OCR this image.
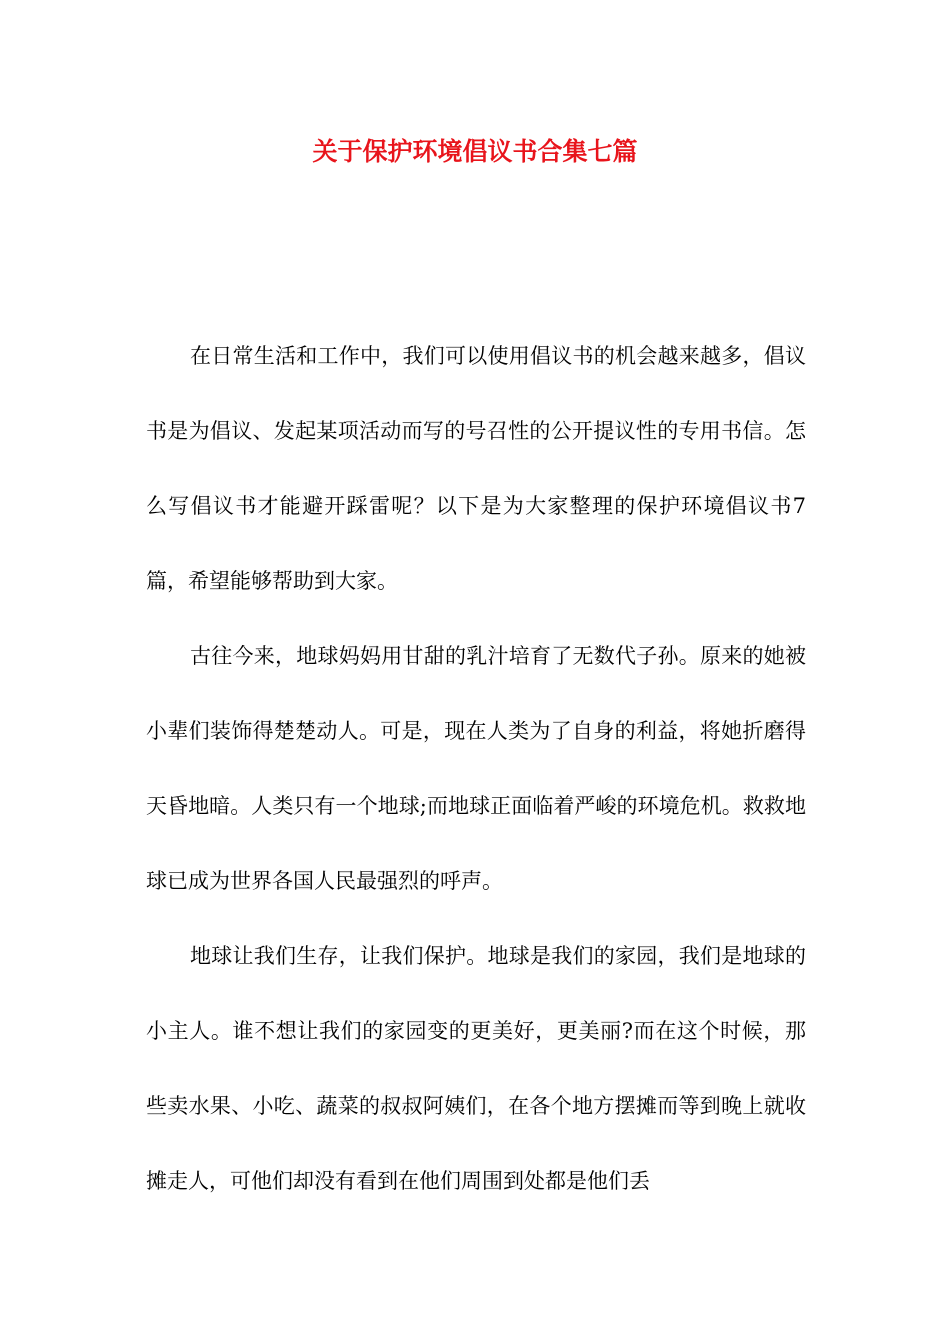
关于保护环境倡议书合集七篇

在日常生活和工作中，我们可以使用倡议书的机会越来越多，倡议书是为倡议、发起某项活动而写的号召性的公开提议性的专用书信。怎么写倡议书才能避开踩雷呢？以下是为大家整理的保护环境倡议书7篇，希望能够帮助到大家。

古往今来，地球妈妈用甘甜的乳汁培育了无数代子孙。原来的她被小辈们装饰得楚楚动人。可是，现在人类为了自身的利益，将她折磨得天昏地暗。人类只有一个地球;而地球正面临着严峻的环境危机。救救地球已成为世界各国人民最强烈的呼声。

地球让我们生存，让我们保护。地球是我们的家园，我们是地球的小主人。谁不想让我们的家园变的更美好，更美丽?而在这个时候，那些卖水果、小吃、蔬菜的叔叔阿姨们，在各个地方摆摊而等到晚上就收摊走人，可他们却没有看到在他们周围到处都是他们丢
